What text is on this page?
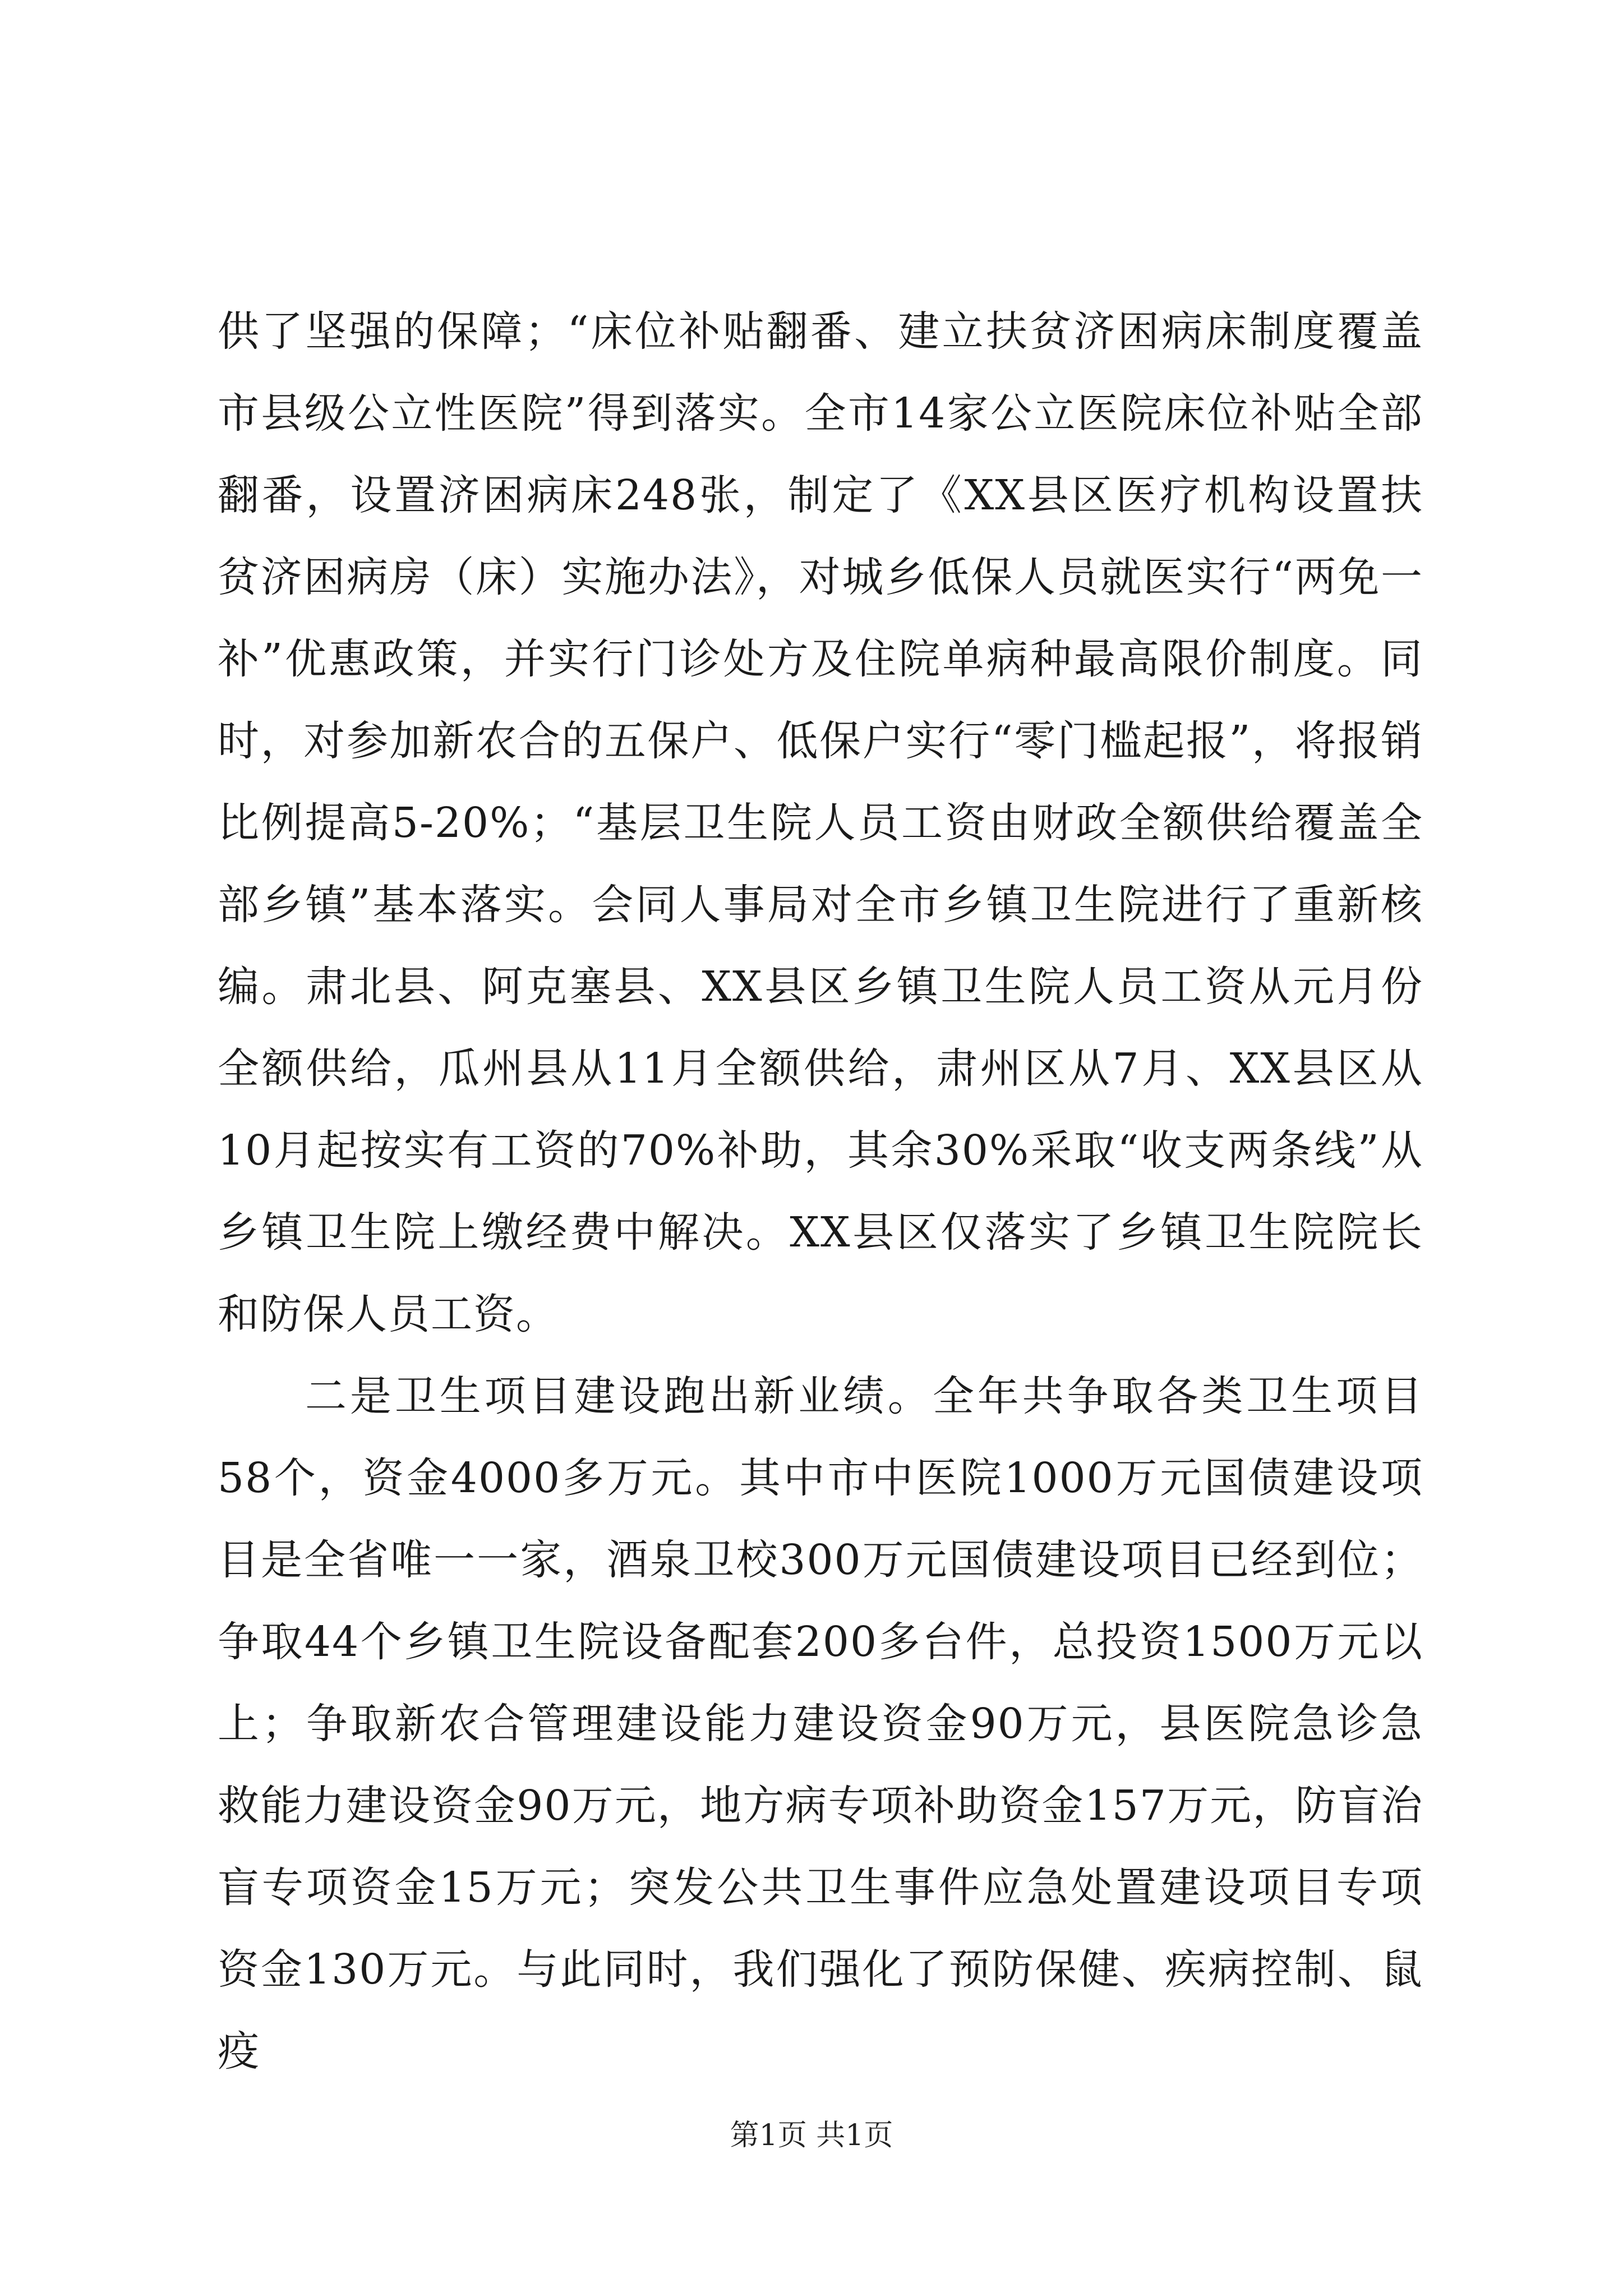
供了坚强的保障；“床位补贴翻番、建立扶贫济困病床制度覆盖市县级公立性医院”得到落实。全市14家公立医院床位补贴全部翻番，设置济困病床248张，制定了《XX县区医疗机构设置扶贫济困病房（床）实施办法》，对城乡低保人员就医实行“两免一补”优惠政策，并实行门诊处方及住院单病种最高限价制度。同时，对参加新农合的五保户、低保户实行“零门槛起报”，将报销比例提高5-20%；“基层卫生院人员工资由财政全额供给覆盖全部乡镇”基本落实。会同人事局对全市乡镇卫生院进行了重新核编。肃北县、阿克塞县、XX县区乡镇卫生院人员工资从元月份全额供给，瓜州县从11月全额供给，肃州区从7月、XX县区从10月起按实有工资的70%补助，其余30%采取“收支两条线”从乡镇卫生院上缴经费中解决。XX县区仅落实了乡镇卫生院院长和防保人员工资。

二是卫生项目建设跑出新业绩。全年共争取各类卫生项目58个，资金4000多万元。其中市中医院1000万元国债建设项目是全省唯一一家，酒泉卫校300万元国债建设项目已经到位；争取44个乡镇卫生院设备配套200多台件，总投资1500万元以上；争取新农合管理建设能力建设资金90万元，县医院急诊急救能力建设资金90万元，地方病专项补助资金157万元，防盲治盲专项资金15万元；突发公共卫生事件应急处置建设项目专项资金130万元。与此同时，我们强化了预防保健、疾病控制、鼠疫

第1页 共1页
